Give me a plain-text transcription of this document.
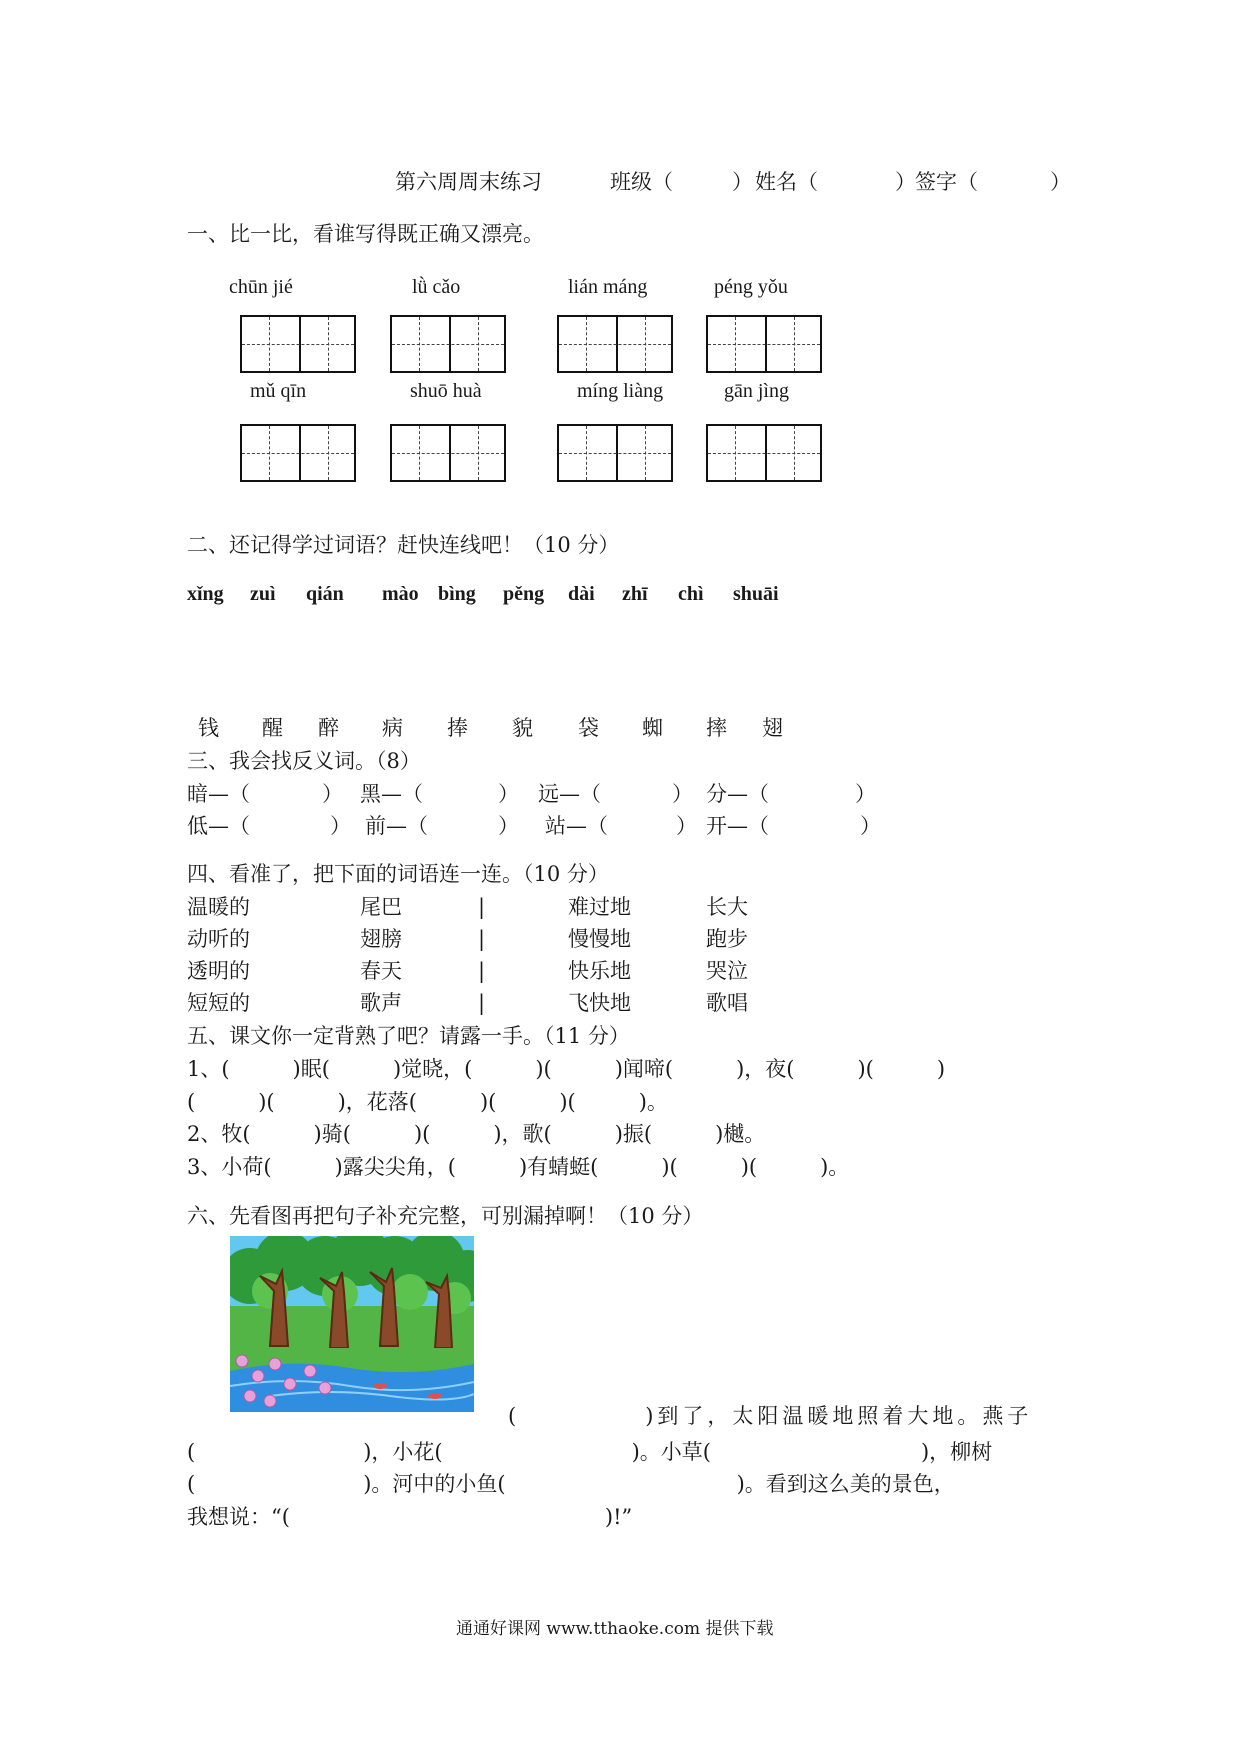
第六周周末练习	班级（	） 姓名（	） 签字（	）
一、比一比，看谁写得既正确又漂亮。
chūn jié	lǜ cǎo	lián máng	péng yǒu
mǔ qīn	shuō huà	míng liàng	gān jìng
二、还记得学过词语？赶快连线吧！（10 分）
xǐng zuì qián mào bìng pěng dài zhī chì shuāi
钱 醒 醉 病 捧 貌 袋 蜘 摔 翅
三、我会找反义词。（8）
暗—（	） 黑—（	） 远—（	） 分—（	）
低—（	） 前—（	） 站—（	） 开—（	）
四、看准了，把下面的词语连一连。（10 分）
温暖的	尾巴	|	难过地	长大
动听的	翅膀	|	慢慢地	跑步
透明的	春天	|	快乐地	哭泣
短短的	歌声	|	飞快地	歌唱
五、课文你一定背熟了吧？请露一手。（11 分）
1、(　　　)眠(　　　)觉晓，(　　　)(　　　)闻啼(　　　)，夜(　　　)(　　　)
(　　　)(　　　)，花落(　　　)(　　　)(　　　)。
2、牧(　　　)骑(　　　)(　　　)，歌(　　　)振(　　　)樾。
3、小荷(　　　)露尖尖角，(　　　)有蜻蜓(　　　)(　　　)(　　　)。
六、先看图再把句子补充完整，可别漏掉啊！（10 分）
(　　　　　)到了，太阳温暖地照着大地。燕子
(　　　　　　　　)，小花(　　　　　　　　　)。小草(　　　　　　　　　　)，柳树
(　　　　　　　　)。河中的小鱼(　　　　　　　　　　　)。看到这么美的景色，
我想说：“(　　　　　　　　　　　　　　　)!”
通通好课网 www.tthaoke.com 提供下载
